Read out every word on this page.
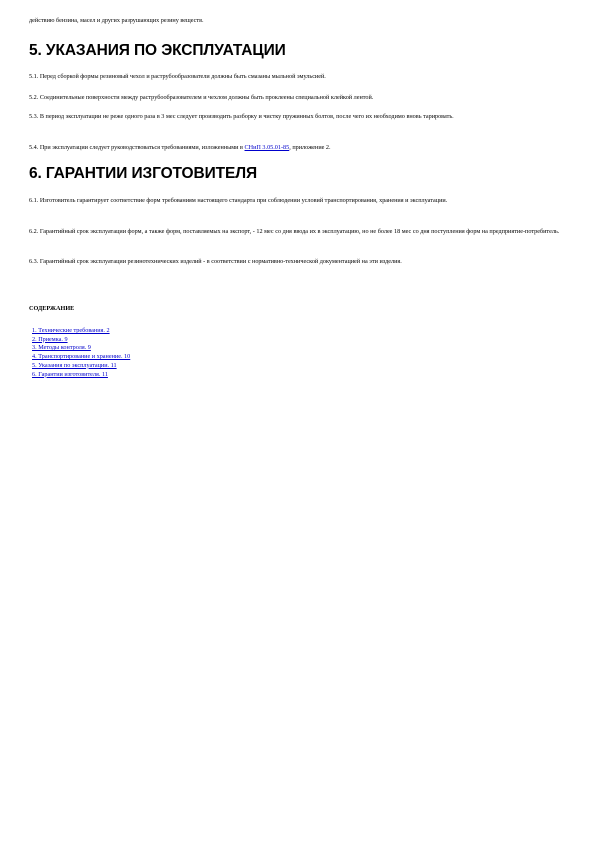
действию бензина, масел и других разрушающих резину веществ.
5. УКАЗАНИЯ ПО ЭКСПЛУАТАЦИИ

5.1. Перед сборкой формы резиновый чехол и раструбообразователи должны быть смазаны мыльной эмульсией.

5.2. Соединительные поверхности между раструбообразователем и чехлом должны быть проклеены специальной клейкой лентой.

5.3. В период эксплуатации не реже одного раза в 3 мес следует производить разборку и чистку пружинных болтов, после чего их необходимо вновь тарировать.

5.4. При эксплуатации следует руководствоваться требованиями, изложенными в СНиП 3.05.01-85, приложение 2.

6. ГАРАНТИИ ИЗГОТОВИТЕЛЯ

6.1. Изготовитель гарантирует соответствие форм требованиям настоящего стандарта при соблюдении условий транспортирования, хранения и эксплуатации.

6.2. Гарантийный срок эксплуатации форм, а также форм, поставляемых на экспорт, - 12 мес со дня ввода их в эксплуатацию, но не более 18 мес со дня поступления форм на предприятие-потребитель.

6.3. Гарантийный срок эксплуатации резинотехнических изделий - в соответствии с нормативно-технической документацией на эти изделия.

СОДЕРЖАНИЕ
1. Технические требования. 2
2. Приемка. 9
3. Методы контроля. 9
4. Транспортирование и хранение. 10
5. Указания по эксплуатации. 11
6. Гарантии изготовителя. 11
